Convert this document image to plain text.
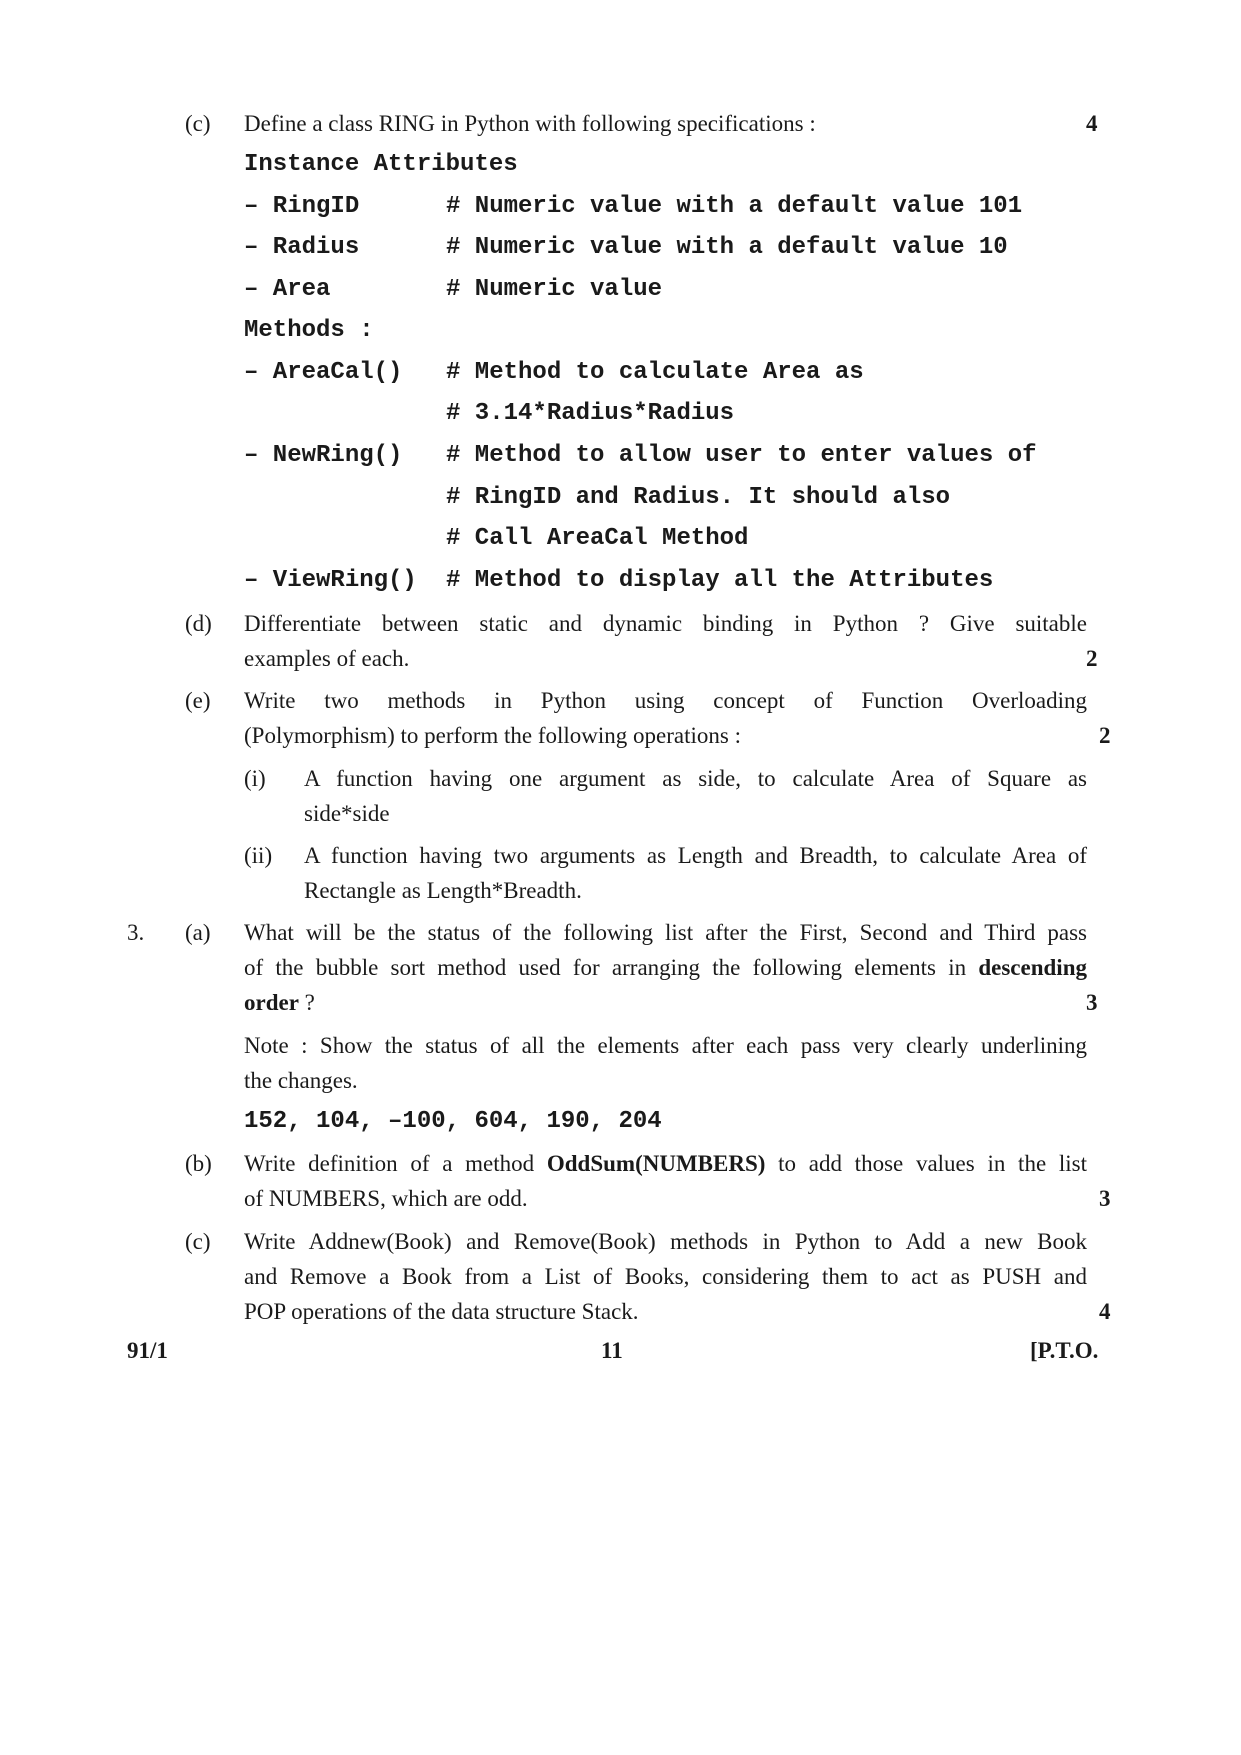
(c) Define a class RING in Python with following specifications :	4
Instance Attributes
– RingID	# Numeric value with a default value 101
– Radius	# Numeric value with a default value 10
– Area	# Numeric value
Methods :
– AreaCal() # Method to calculate Area as
# 3.14*Radius*Radius
– NewRing() # Method to allow user to enter values of
# RingID and Radius. It should also
# Call AreaCal Method
– ViewRing() # Method to display all the Attributes
(d) Differentiate between static and dynamic binding in Python ? Give suitable
examples of each.	2
(e) Write two methods in Python using concept of Function Overloading
(Polymorphism) to perform the following operations :	2
(i) A function having one argument as side, to calculate Area of Square as
side*side
(ii) A function having two arguments as Length and Breadth, to calculate Area of
Rectangle as Length*Breadth.
3. (a) What will be the status of the following list after the First, Second and Third pass
of the bubble sort method used for arranging the following elements in descending
order ?	3
Note : Show the status of all the elements after each pass very clearly underlining
the changes.
152, 104, –100, 604, 190, 204
(b) Write definition of a method OddSum(NUMBERS) to add those values in the list
of NUMBERS, which are odd.	3
(c) Write Addnew(Book) and Remove(Book) methods in Python to Add a new Book
and Remove a Book from a List of Books, considering them to act as PUSH and
POP operations of the data structure Stack.	4
91/1	11	[P.T.O.
